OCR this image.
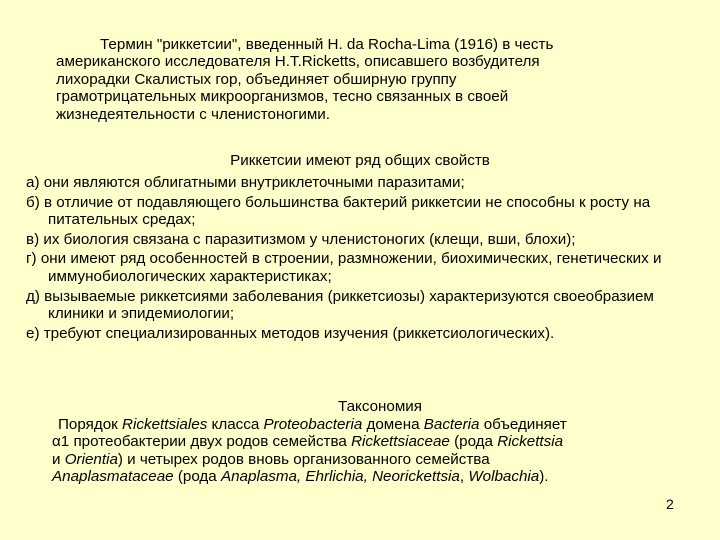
Термин "риккетсии", введенный H. da Rocha-Lima (1916) в честь
американского исследователя H.T.Ricketts, описавшего возбудителя
лихорадки Скалистых гор, объединяет обширную группу
грамотрицательных микроорганизмов, тесно связанных в своей
жизнедеятельности с членистоногими.
Риккетсии имеют ряд общих свойств
а) они являются облигатными внутриклеточными паразитами;
б) в отличие от подавляющего большинства бактерий риккетсии не способны к росту на питательных средах;
в) их биология связана с паразитизмом у членистоногих (клещи, вши, блохи);
г) они имеют ряд особенностей в строении, размножении, биохимических, генетических и иммунобиологических характеристиках;
д) вызываемые риккетсиями заболевания (риккетсиозы) характеризуются своеобразием клиники и эпидемиологии;
е) требуют специализированных методов изучения (риккетсиологических).
Таксономия
Порядок Rickettsiales класса Proteobacteria домена Bacteria объединяет
α1 протеобактерии двух родов семейства Rickettsiaceae (рода Rickettsia
и Orientia) и четырех родов вновь организованного семейства
Anaplasmataceae (рода Anaplasma, Ehrlichia, Neorickettsia, Wolbachia).
2
